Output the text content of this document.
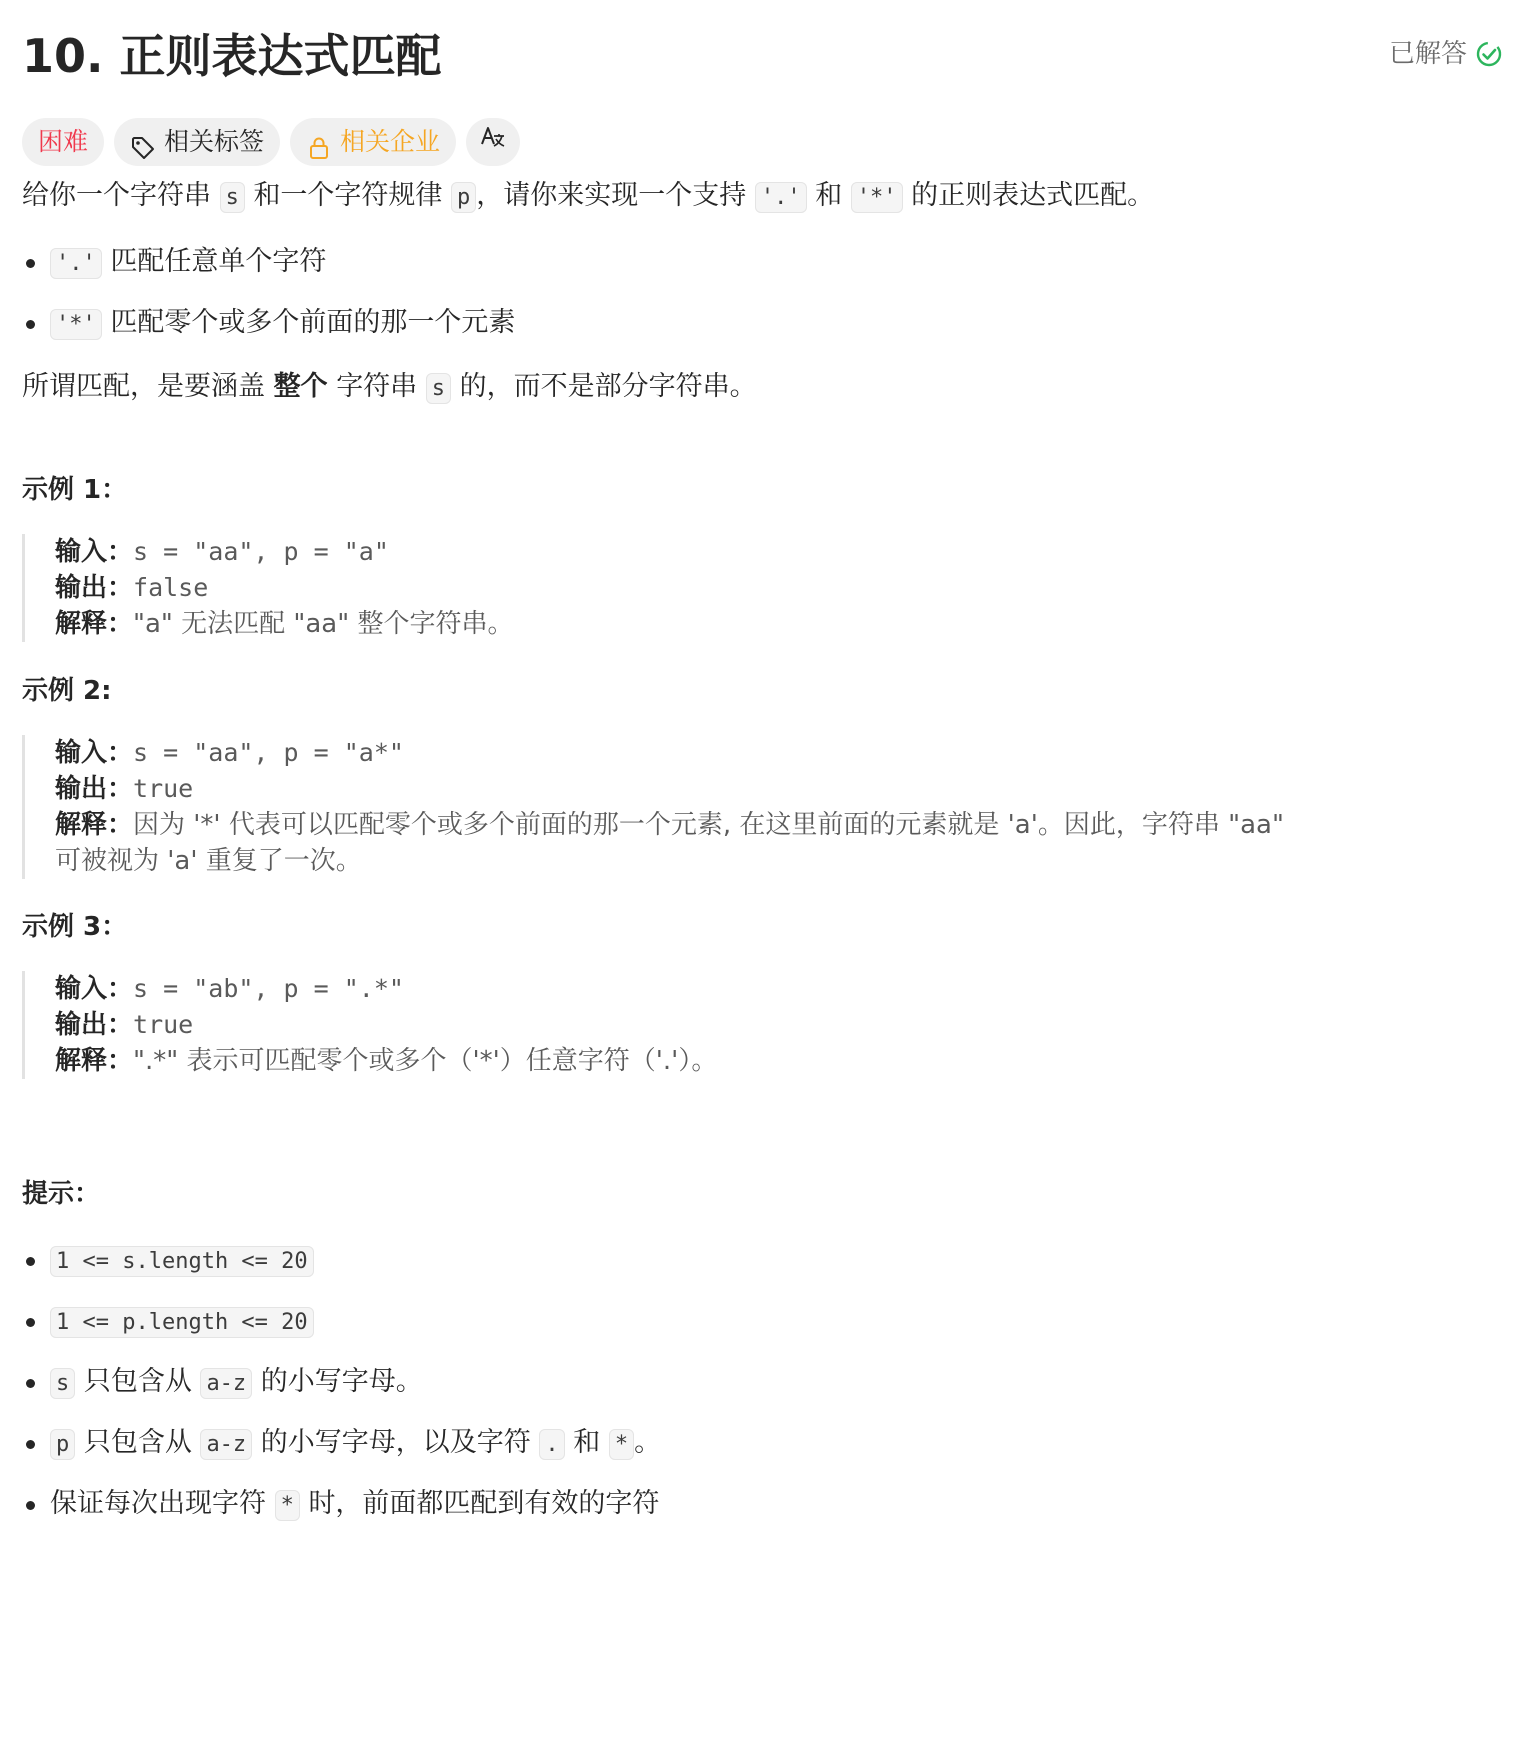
10. 正则表达式匹配	已解答
困难	相关标签	相关企业

给你一个字符串 s 和一个字符规律 p ，请你来实现一个支持 '.' 和 '*' 的正则表达式匹配。

'.' 匹配任意单个字符
'*' 匹配零个或多个前面的那一个元素

所谓匹配，是要涵盖 整个 字符串 s 的，而不是部分字符串。

示例 1：

输入：s = "aa", p = "a"
输出：false
解释："a" 无法匹配 "aa" 整个字符串。

示例 2:

输入：s = "aa", p = "a*"
输出：true
解释：因为 '*' 代表可以匹配零个或多个前面的那一个元素, 在这里前面的元素就是 'a'。因此，字符串 "aa"
可被视为 'a' 重复了一次。

示例 3：

输入：s = "ab", p = ".*"
输出：true
解释：".*" 表示可匹配零个或多个（'*'）任意字符（'.'）。

提示：

1 <= s.length <= 20
1 <= p.length <= 20
s 只包含从 a-z 的小写字母。
p 只包含从 a-z 的小写字母，以及字符 . 和 * 。
保证每次出现字符 * 时，前面都匹配到有效的字符
